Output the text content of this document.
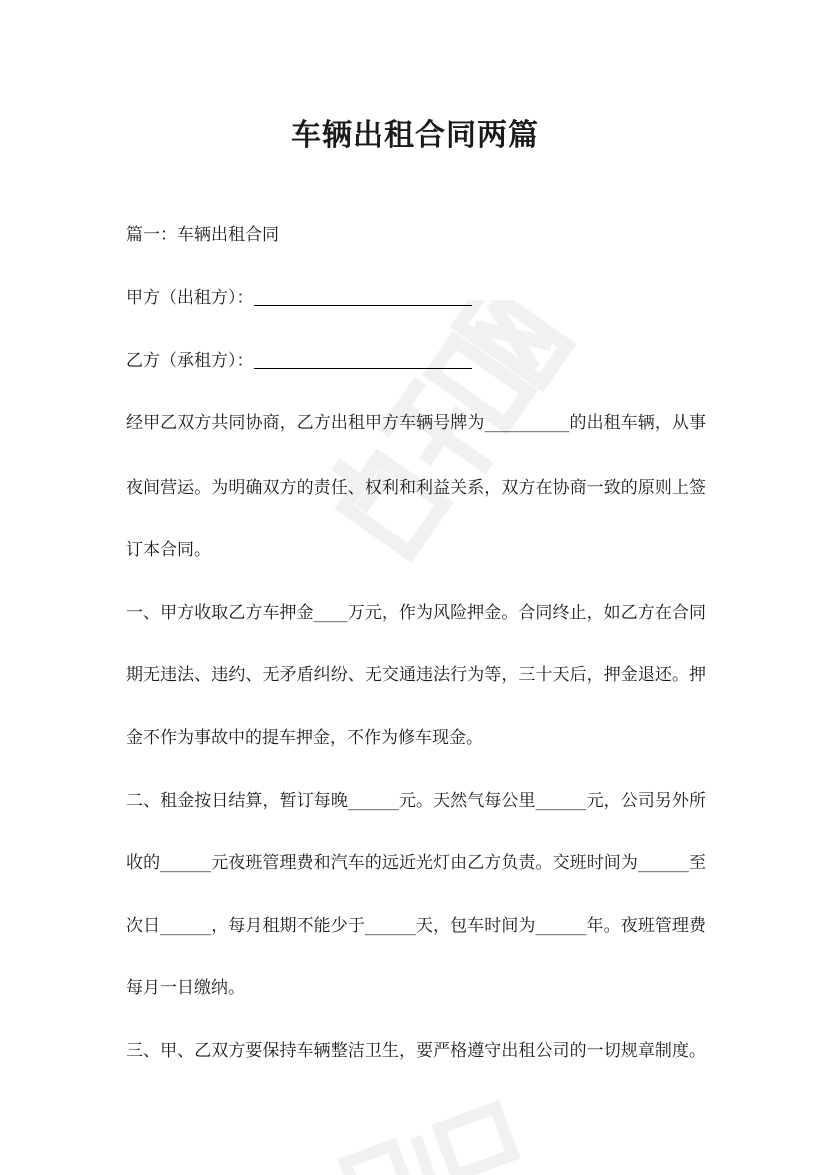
车辆出租合同两篇
篇一：车辆出租合同
甲方（出租方）：
乙方（承租方）：
经甲乙双方共同协商，乙方出租甲方车辆号牌为__________的出租车辆，从事
夜间营运。为明确双方的责任、权利和利益关系，双方在协商一致的原则上签
订本合同。
一、甲方收取乙方车押金____万元，作为风险押金。合同终止，如乙方在合同
期无违法、违约、无矛盾纠纷、无交通违法行为等，三十天后，押金退还。押
金不作为事故中的提车押金，不作为修车现金。
二、租金按日结算，暂订每晚______元。天然气每公里______元，公司另外所
收的______元夜班管理费和汽车的远近光灯由乙方负责。交班时间为______至
次日______，每月租期不能少于______天，包车时间为______年。夜班管理费
每月一日缴纳。
三、甲、乙双方要保持车辆整洁卫生，要严格遵守出租公司的一切规章制度。
